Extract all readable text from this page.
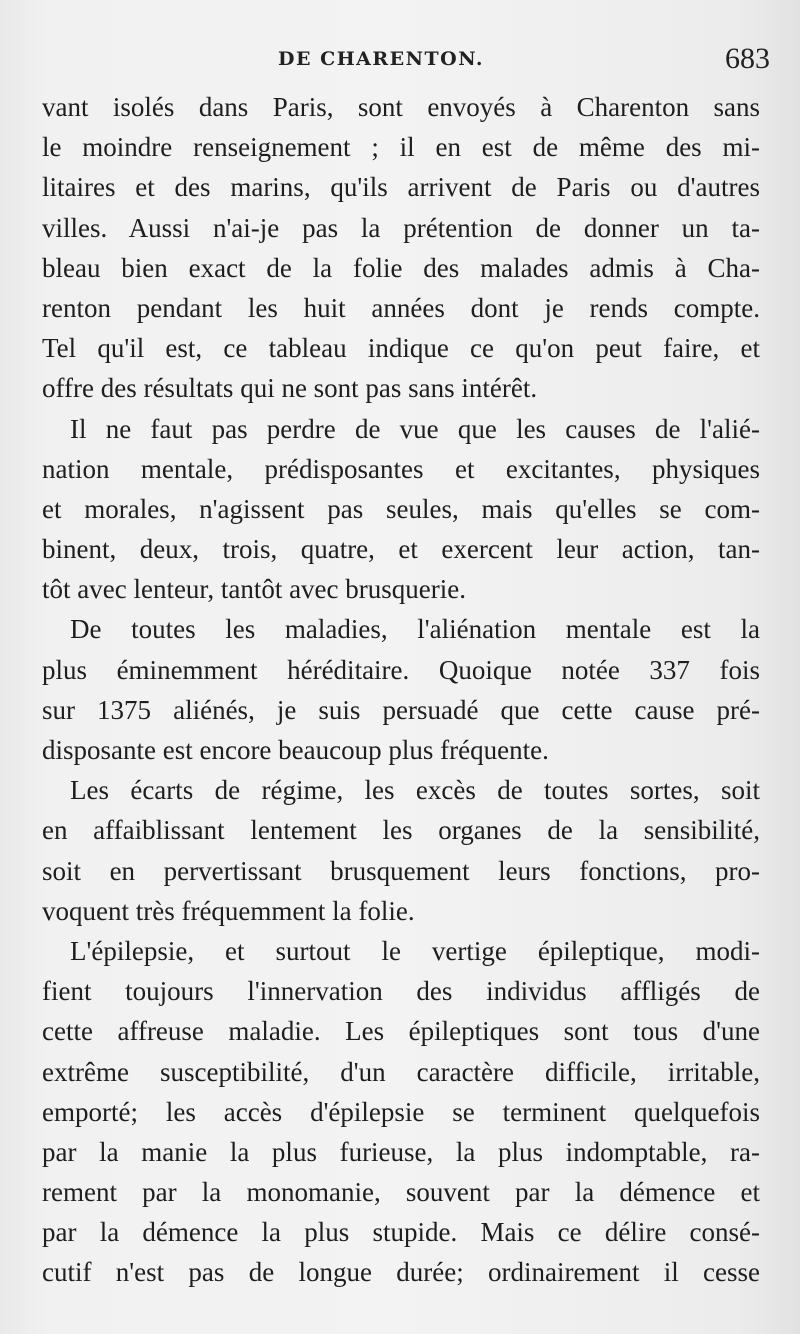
DE CHARENTON.	683
vant isolés dans Paris, sont envoyés à Charenton sans
le moindre renseignement ; il en est de même des mi-
litaires et des marins, qu'ils arrivent de Paris ou d'autres
villes. Aussi n'ai-je pas la prétention de donner un ta-
bleau bien exact de la folie des malades admis à Cha-
renton pendant les huit années dont je rends compte.
Tel qu'il est, ce tableau indique ce qu'on peut faire, et
offre des résultats qui ne sont pas sans intérêt.
Il ne faut pas perdre de vue que les causes de l'alié-
nation mentale, prédisposantes et excitantes, physiques
et morales, n'agissent pas seules, mais qu'elles se com-
binent, deux, trois, quatre, et exercent leur action, tan-
tôt avec lenteur, tantôt avec brusquerie.
De toutes les maladies, l'aliénation mentale est la
plus éminemment héréditaire. Quoique notée 337 fois
sur 1375 aliénés, je suis persuadé que cette cause pré-
disposante est encore beaucoup plus fréquente.
Les écarts de régime, les excès de toutes sortes, soit
en affaiblissant lentement les organes de la sensibilité,
soit en pervertissant brusquement leurs fonctions, pro-
voquent très fréquemment la folie.
L'épilepsie, et surtout le vertige épileptique, modi-
fient toujours l'innervation des individus affligés de
cette affreuse maladie. Les épileptiques sont tous d'une
extrême susceptibilité, d'un caractère difficile, irritable,
emporté; les accès d'épilepsie se terminent quelquefois
par la manie la plus furieuse, la plus indomptable, ra-
rement par la monomanie, souvent par la démence et
par la démence la plus stupide. Mais ce délire consé-
cutif n'est pas de longue durée; ordinairement il cesse
